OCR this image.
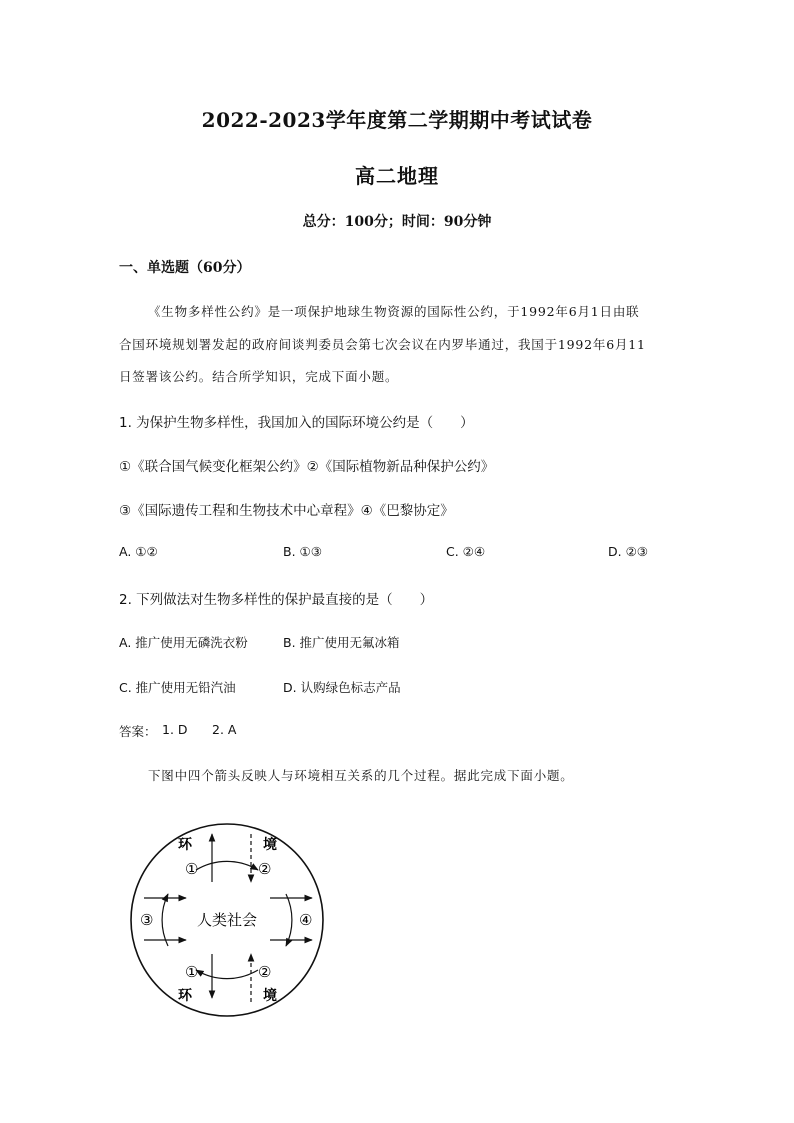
2022-2023学年度第二学期期中考试试卷
高二地理
总分：100分；时间：90分钟
一、单选题（60分）
《生物多样性公约》是一项保护地球生物资源的国际性公约，于1992年6月1日由联
合国环境规划署发起的政府间谈判委员会第七次会议在内罗毕通过，我国于1992年6月11
日签署该公约。结合所学知识，完成下面小题。
1. 为保护生物多样性，我国加入的国际环境公约是（　　）
①《联合国气候变化框架公约》②《国际植物新品种保护公约》
③《国际遗传工程和生物技术中心章程》④《巴黎协定》
A. ①②	B. ①③	C. ②④	D. ②③
2. 下列做法对生物多样性的保护最直接的是（　　）
A. 推广使用无磷洗衣粉	B. 推广使用无氟冰箱
C. 推广使用无铅汽油	D. 认购绿色标志产品
答案： 1. D 2. A
下图中四个箭头反映人与环境相互关系的几个过程。据此完成下面小题。
环	境
环	境
①	②
③	④
①	②
人类社会
